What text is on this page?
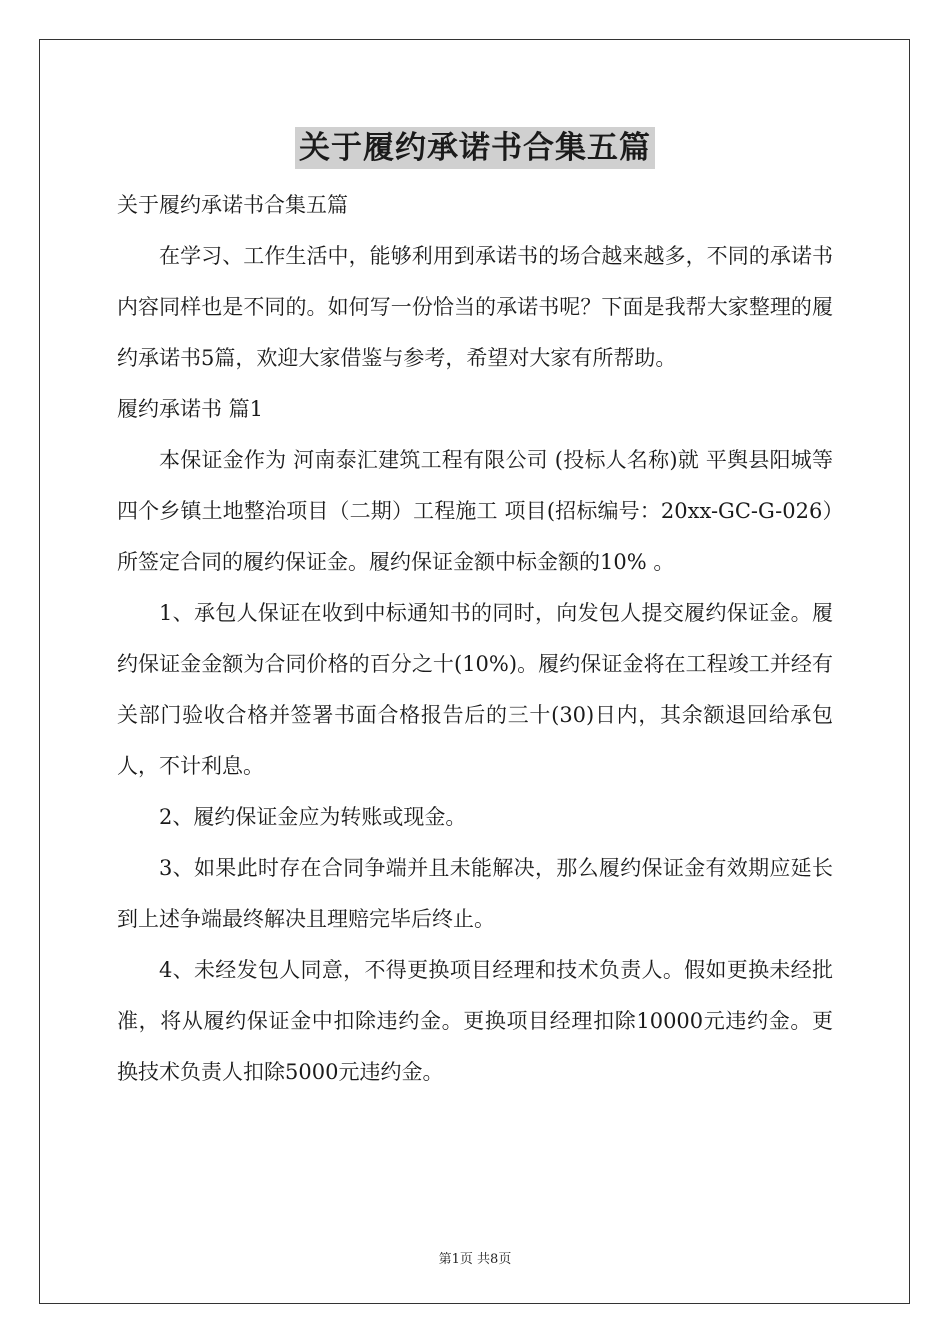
关于履约承诺书合集五篇

关于履约承诺书合集五篇

在学习、工作生活中，能够利用到承诺书的场合越来越多，不同的承诺书内容同样也是不同的。如何写一份恰当的承诺书呢？下面是我帮大家整理的履约承诺书5篇，欢迎大家借鉴与参考，希望对大家有所帮助。

履约承诺书 篇1

本保证金作为 河南泰汇建筑工程有限公司 (投标人名称)就 平舆县阳城等四个乡镇土地整治项目（二期）工程施工 项目(招标编号：20xx-GC-G-026）所签定合同的履约保证金。履约保证金额中标金额的10% 。

1、承包人保证在收到中标通知书的同时，向发包人提交履约保证金。履约保证金金额为合同价格的百分之十(10%)。履约保证金将在工程竣工并经有关部门验收合格并签署书面合格报告后的三十(30)日内，其余额退回给承包人，不计利息。

2、履约保证金应为转账或现金。

3、如果此时存在合同争端并且未能解决，那么履约保证金有效期应延长到上述争端最终解决且理赔完毕后终止。

4、未经发包人同意，不得更换项目经理和技术负责人。假如更换未经批准，将从履约保证金中扣除违约金。更换项目经理扣除10000元违约金。更换技术负责人扣除5000元违约金。

第1页 共8页
